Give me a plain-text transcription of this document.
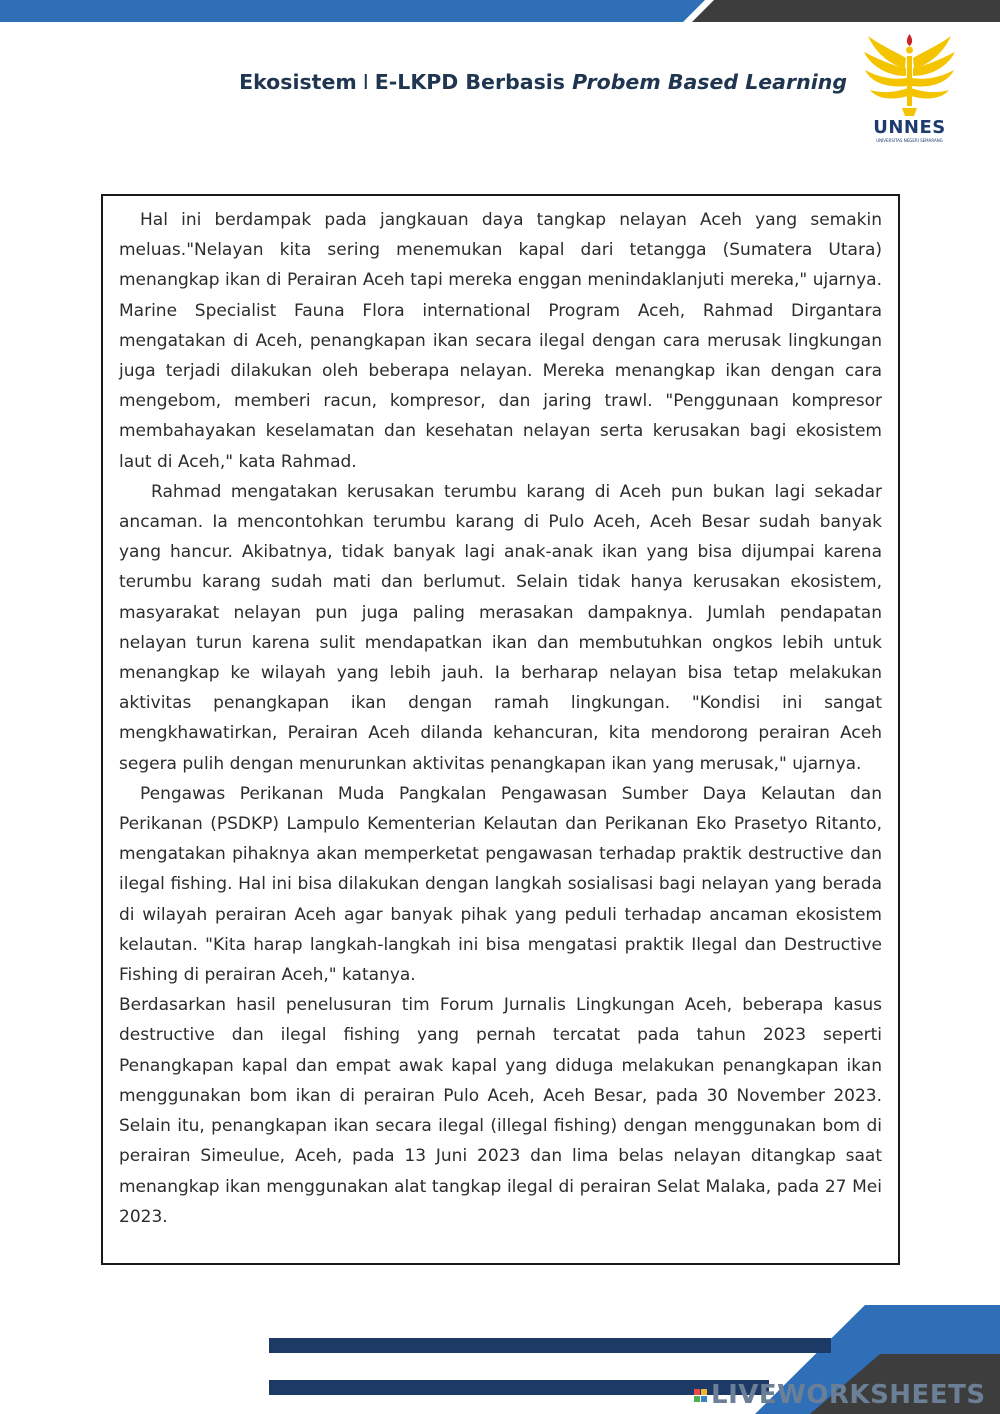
Ekosistem I E-LKPD Berbasis Probem Based Learning
UNNES
UNIVERSITAS NEGERI SEMARANG

Hal ini berdampak pada jangkauan daya tangkap nelayan Aceh yang semakin meluas."Nelayan kita sering menemukan kapal dari tetangga (Sumatera Utara) menangkap ikan di Perairan Aceh tapi mereka enggan menindaklanjuti mereka," ujarnya. Marine Specialist Fauna Flora international Program Aceh, Rahmad Dirgantara mengatakan di Aceh, penangkapan ikan secara ilegal dengan cara merusak lingkungan juga terjadi dilakukan oleh beberapa nelayan. Mereka menangkap ikan dengan cara mengebom, memberi racun, kompresor, dan jaring trawl. "Penggunaan kompresor membahayakan keselamatan dan kesehatan nelayan serta kerusakan bagi ekosistem laut di Aceh," kata Rahmad.

Rahmad mengatakan kerusakan terumbu karang di Aceh pun bukan lagi sekadar ancaman. Ia mencontohkan terumbu karang di Pulo Aceh, Aceh Besar sudah banyak yang hancur. Akibatnya, tidak banyak lagi anak-anak ikan yang bisa dijumpai karena terumbu karang sudah mati dan berlumut. Selain tidak hanya kerusakan ekosistem, masyarakat nelayan pun juga paling merasakan dampaknya. Jumlah pendapatan nelayan turun karena sulit mendapatkan ikan dan membutuhkan ongkos lebih untuk menangkap ke wilayah yang lebih jauh. Ia berharap nelayan bisa tetap melakukan aktivitas penangkapan ikan dengan ramah lingkungan. "Kondisi ini sangat mengkhawatirkan, Perairan Aceh dilanda kehancuran, kita mendorong perairan Aceh segera pulih dengan menurunkan aktivitas penangkapan ikan yang merusak," ujarnya.

Pengawas Perikanan Muda Pangkalan Pengawasan Sumber Daya Kelautan dan Perikanan (PSDKP) Lampulo Kementerian Kelautan dan Perikanan Eko Prasetyo Ritanto, mengatakan pihaknya akan memperketat pengawasan terhadap praktik destructive dan ilegal fishing. Hal ini bisa dilakukan dengan langkah sosialisasi bagi nelayan yang berada di wilayah perairan Aceh agar banyak pihak yang peduli terhadap ancaman ekosistem kelautan. "Kita harap langkah-langkah ini bisa mengatasi praktik Ilegal dan Destructive Fishing di perairan Aceh," katanya.

Berdasarkan hasil penelusuran tim Forum Jurnalis Lingkungan Aceh, beberapa kasus destructive dan ilegal fishing yang pernah tercatat pada tahun 2023 seperti Penangkapan kapal dan empat awak kapal yang diduga melakukan penangkapan ikan menggunakan bom ikan di perairan Pulo Aceh, Aceh Besar, pada 30 November 2023. Selain itu, penangkapan ikan secara ilegal (illegal fishing) dengan menggunakan bom di perairan Simeulue, Aceh, pada 13 Juni 2023 dan lima belas nelayan ditangkap saat menangkap ikan menggunakan alat tangkap ilegal di perairan Selat Malaka, pada 27 Mei 2023.

LIVEWORKSHEETS
